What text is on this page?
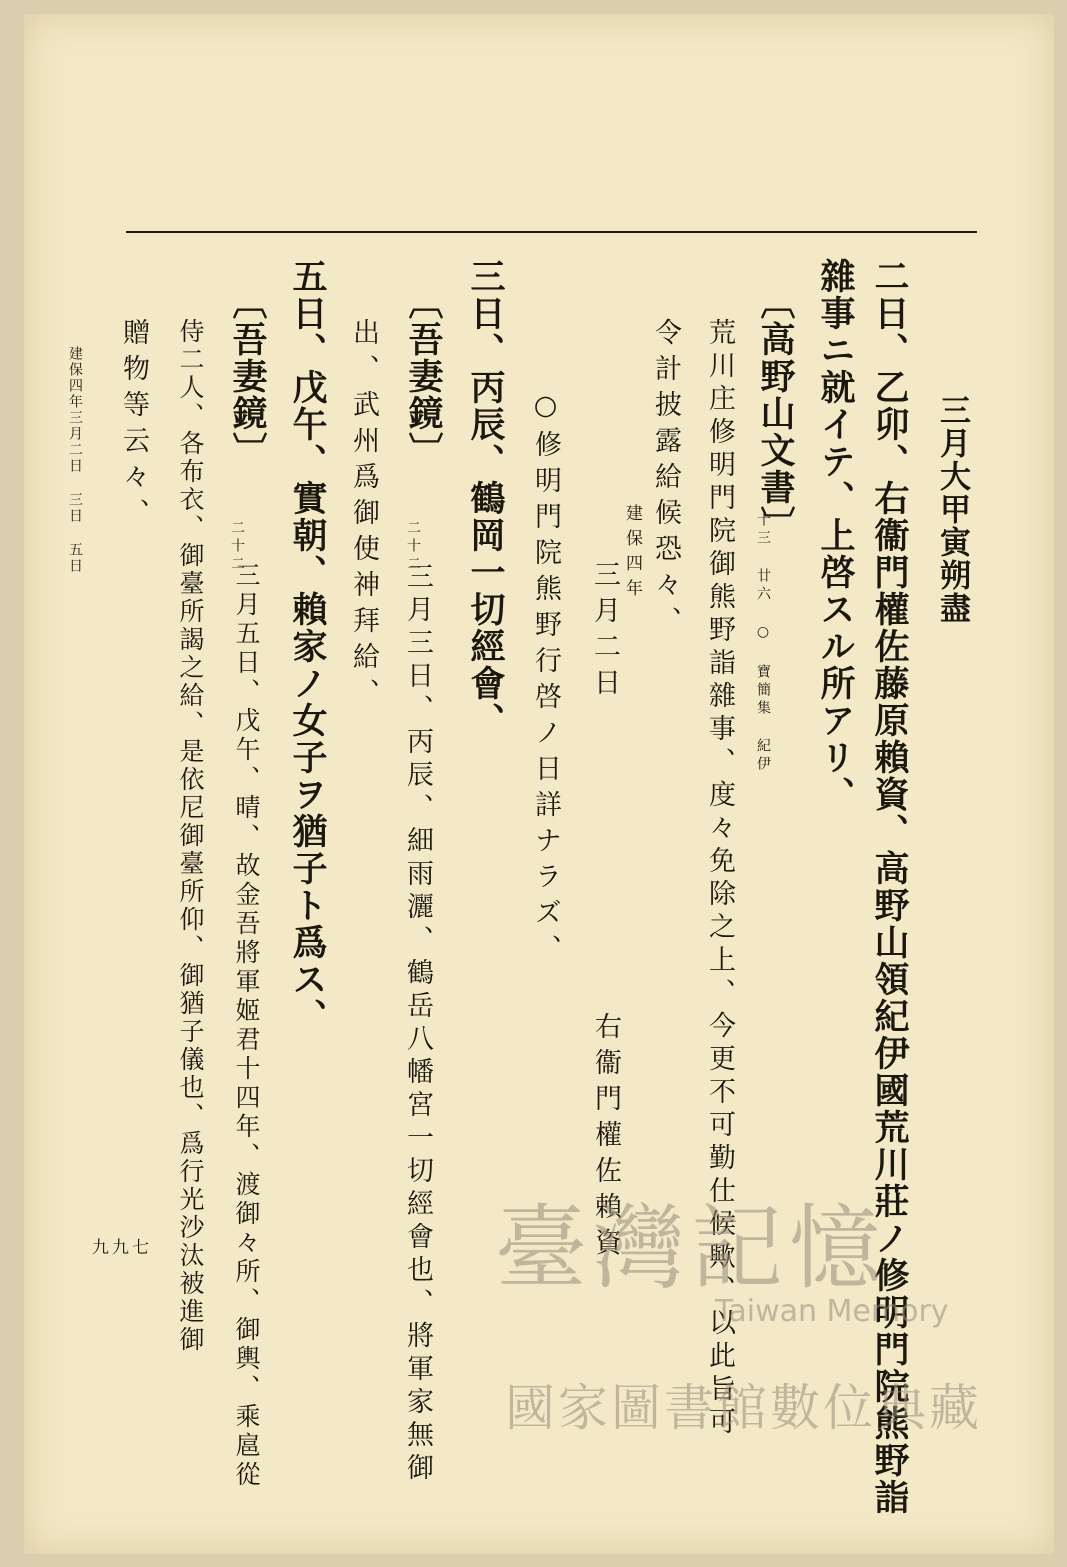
三月大甲寅朔盡
二日、乙卯、右衞門權佐藤原賴資、高野山領紀伊國荒川莊ノ修明門院熊野詣
雜事ニ就イテ、上啓スル所アリ、
〔高野山文書〕
十三 廿六 ○ 寶簡集 紀伊
荒川庄修明門院御熊野詣雜事、度々免除之上、今更不可勤仕候歟、以此旨可
令計披露給候恐々、
右衞門權佐賴資
建保四年
三月二日
○修明門院熊野行啓ノ日詳ナラズ、
三日、丙辰、鶴岡一切經會、
〔吾妻鏡〕
二十二
三月三日、丙辰、細雨灑、鶴岳八幡宮一切經會也、將軍家無御
出、武州爲御使神拜給、
五日、戊午、實朝、賴家ノ女子ヲ猶子ト爲ス、
〔吾妻鏡〕
二十二
三月五日、戊午、晴、故金吾將軍姬君十四年、渡御々所、御輿、乘扈從
侍二人、各布衣、御臺所謁之給、是依尼御臺所仰、御猶子儀也、爲行光沙汰被進御
贈物等云々、
建保四年三月二日 三日 五日
九九七	臺灣記憶
Taiwan Memory
國家圖書館數位典藏
